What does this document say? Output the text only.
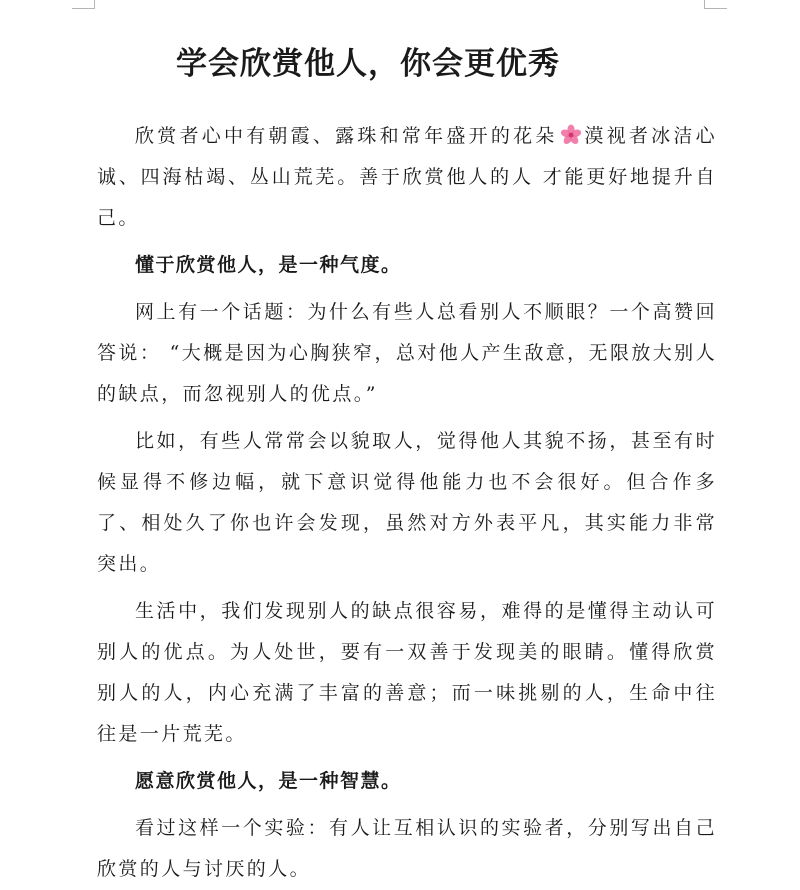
学会欣赏他人，你会更优秀

欣赏者心中有朝霞、露珠和常年盛开的花朵 漠视者冰洁心诚、四海枯竭、丛山荒芜。善于欣赏他人的人 才能更好地提升自己。

懂于欣赏他人，是一种气度。

网上有一个话题：为什么有些人总看别人不顺眼？一个高赞回答说： “大概是因为心胸狭窄，总对他人产生敌意，无限放大别人的缺点，而忽视别人的优点。”

比如，有些人常常会以貌取人，觉得他人其貌不扬，甚至有时候显得不修边幅，就下意识觉得他能力也不会很好。但合作多了、相处久了你也许会发现，虽然对方外表平凡，其实能力非常突出。

生活中，我们发现别人的缺点很容易，难得的是懂得主动认可别人的优点。为人处世，要有一双善于发现美的眼睛。懂得欣赏别人的人，内心充满了丰富的善意；而一味挑剔的人，生命中往往是一片荒芜。

愿意欣赏他人，是一种智慧。

看过这样一个实验：有人让互相认识的实验者，分别写出自己欣赏的人与讨厌的人。
